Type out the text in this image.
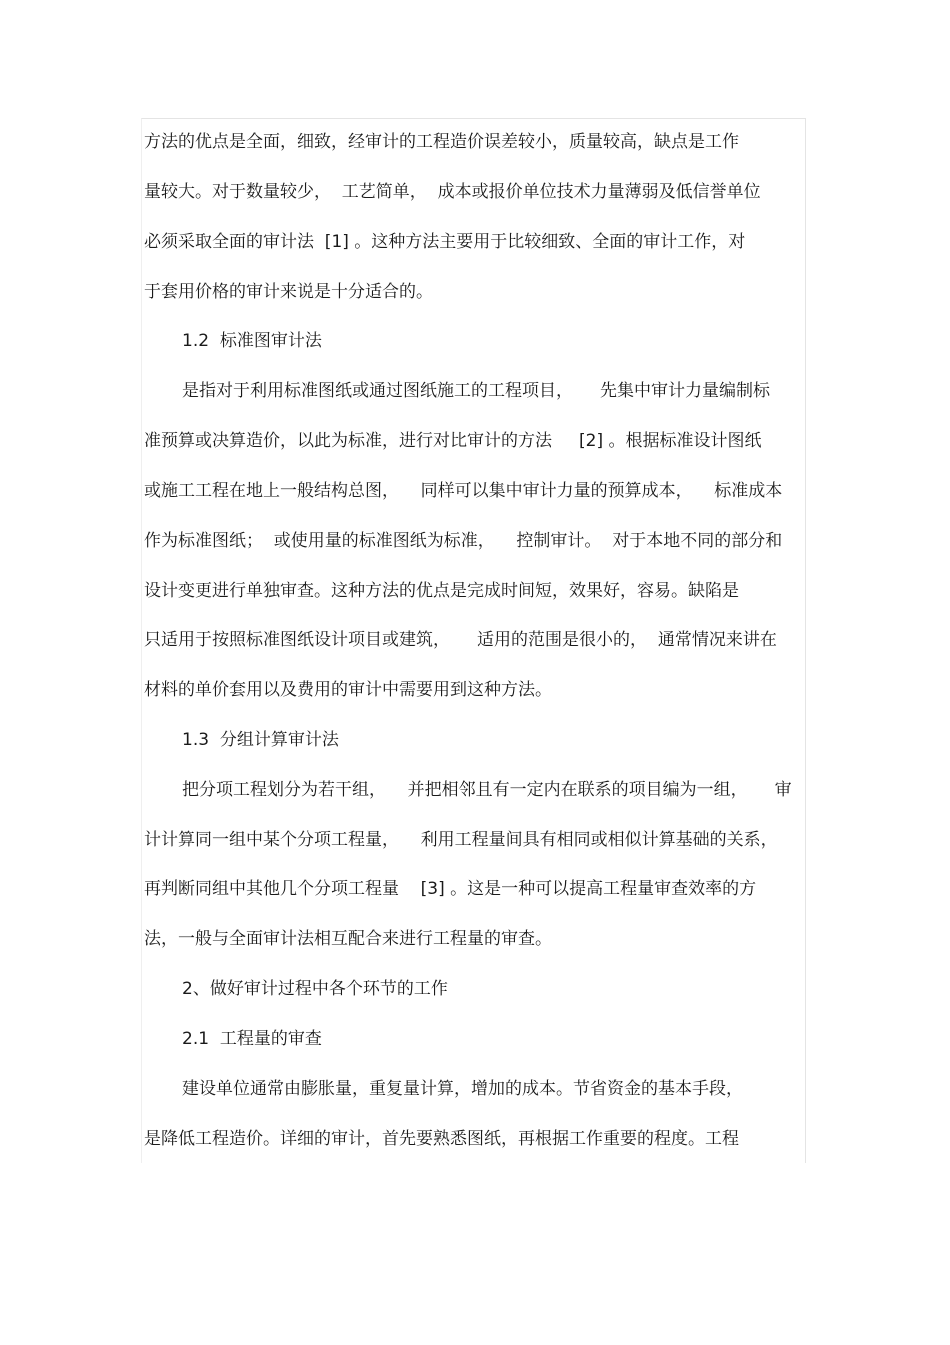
方法的优点是全面，细致，经审计的工程造价误差较小，质量较高，缺点是工作
量较大。对于数量较少，  工艺简单，  成本或报价单位技术力量薄弱及低信誉单位
必须采取全面的审计法  [1] 。这种方法主要用于比较细致、全面的审计工作，对
于套用价格的审计来说是十分适合的。
1.2  标准图审计法
是指对于利用标准图纸或通过图纸施工的工程项目，     先集中审计力量编制标
准预算或决算造价，以此为标准，进行对比审计的方法     [2] 。根据标准设计图纸
或施工工程在地上一般结构总图，    同样可以集中审计力量的预算成本，    标准成本
作为标准图纸；  或使用量的标准图纸为标准，    控制审计。  对于本地不同的部分和
设计变更进行单独审查。这种方法的优点是完成时间短，效果好，容易。缺陷是
只适用于按照标准图纸设计项目或建筑，     适用的范围是很小的，  通常情况来讲在
材料的单价套用以及费用的审计中需要用到这种方法。
1.3  分组计算审计法
把分项工程划分为若干组，    并把相邻且有一定内在联系的项目编为一组，     审
计计算同一组中某个分项工程量，    利用工程量间具有相同或相似计算基础的关系，
再判断同组中其他几个分项工程量    [3] 。这是一种可以提高工程量审查效率的方
法，一般与全面审计法相互配合来进行工程量的审查。
2、做好审计过程中各个环节的工作
2.1  工程量的审查
建设单位通常由膨胀量，重复量计算，增加的成本。节省资金的基本手段，
是降低工程造价。详细的审计，首先要熟悉图纸，再根据工作重要的程度。工程
